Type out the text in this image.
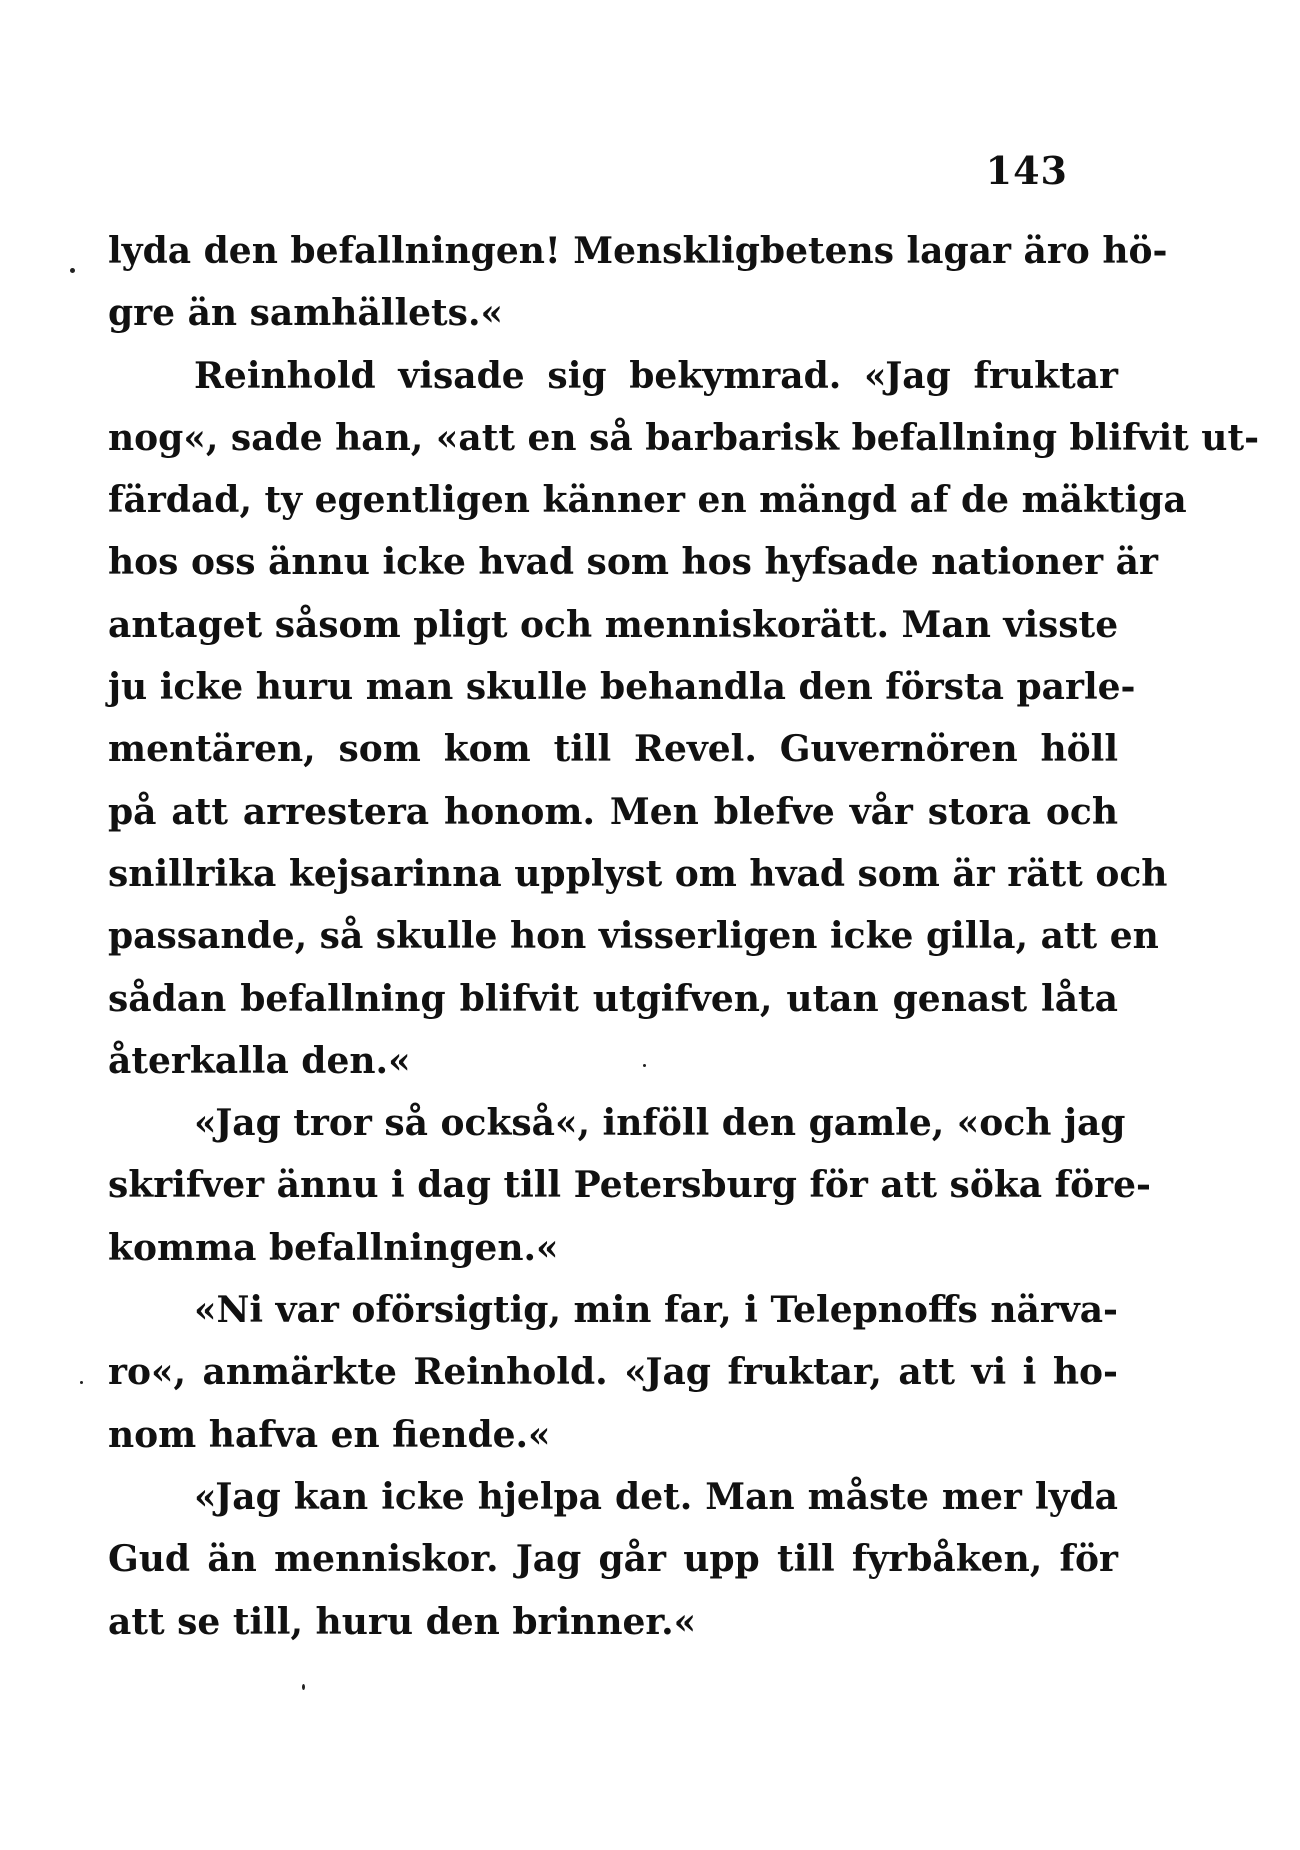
143
lyda den befallningen! Menskligbetens lagar äro hö-
gre än samhällets.«
Reinhold visade sig bekymrad. «Jag fruktar
nog«, sade han, «att en så barbarisk befallning blifvit ut-
färdad, ty egentligen känner en mängd af de mäktiga
hos oss ännu icke hvad som hos hyfsade nationer är
antaget såsom pligt och menniskorätt. Man visste
ju icke huru man skulle behandla den första parle-
mentären, som kom till Revel. Guvernören höll
på att arrestera honom. Men blefve vår stora och
snillrika kejsarinna upplyst om hvad som är rätt och
passande, så skulle hon visserligen icke gilla, att en
sådan befallning blifvit utgifven, utan genast låta
återkalla den.«
«Jag tror så också«, inföll den gamle, «och jag
skrifver ännu i dag till Petersburg för att söka före-
komma befallningen.«
«Ni var oförsigtig, min far, i Telepnoffs närva-
ro«, anmärkte Reinhold. «Jag fruktar, att vi i ho-
nom hafva en fiende.«
«Jag kan icke hjelpa det. Man måste mer lyda
Gud än menniskor. Jag går upp till fyrbåken, för
att se till, huru den brinner.«
